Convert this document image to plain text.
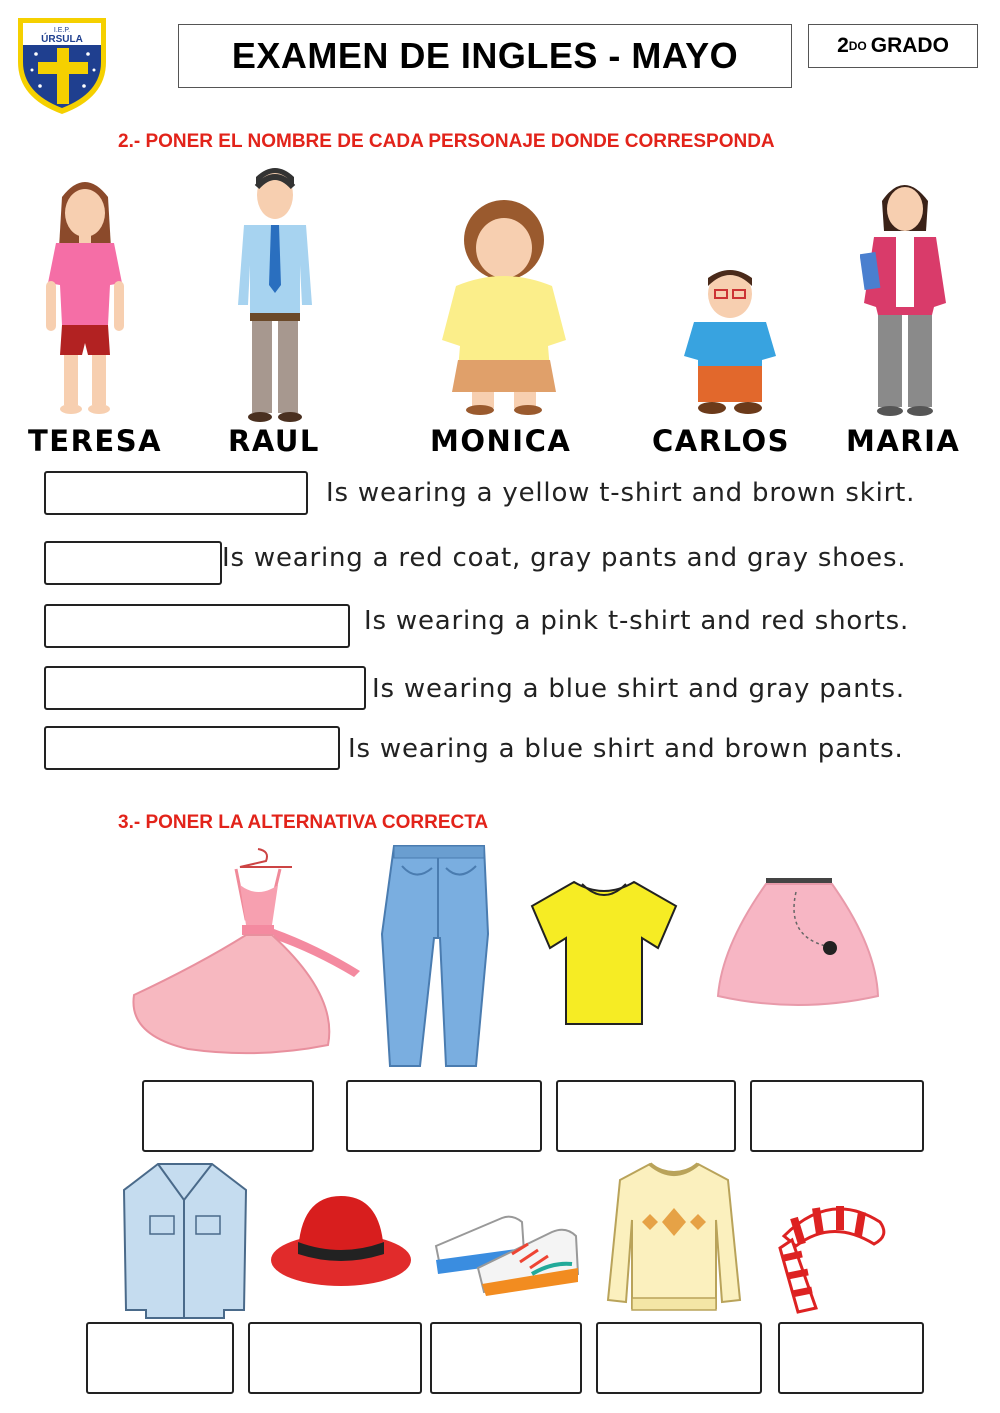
I.E.P.
ÚRSULA	EXAMEN DE INGLES - MAYO	2 DO GRADO
2.- PONER EL NOMBRE DE CADA PERSONAJE DONDE CORRESPONDA
TERESA RAUL	MONICA	CARLOS MARIA
Is wearing a yellow t-shirt and brown skirt.
Is wearing a red coat, gray pants and gray shoes.
Is wearing a pink t-shirt and red shorts.
Is wearing a blue shirt and gray pants.
Is wearing a blue shirt and brown pants.
3.- PONER LA ALTERNATIVA CORRECTA
